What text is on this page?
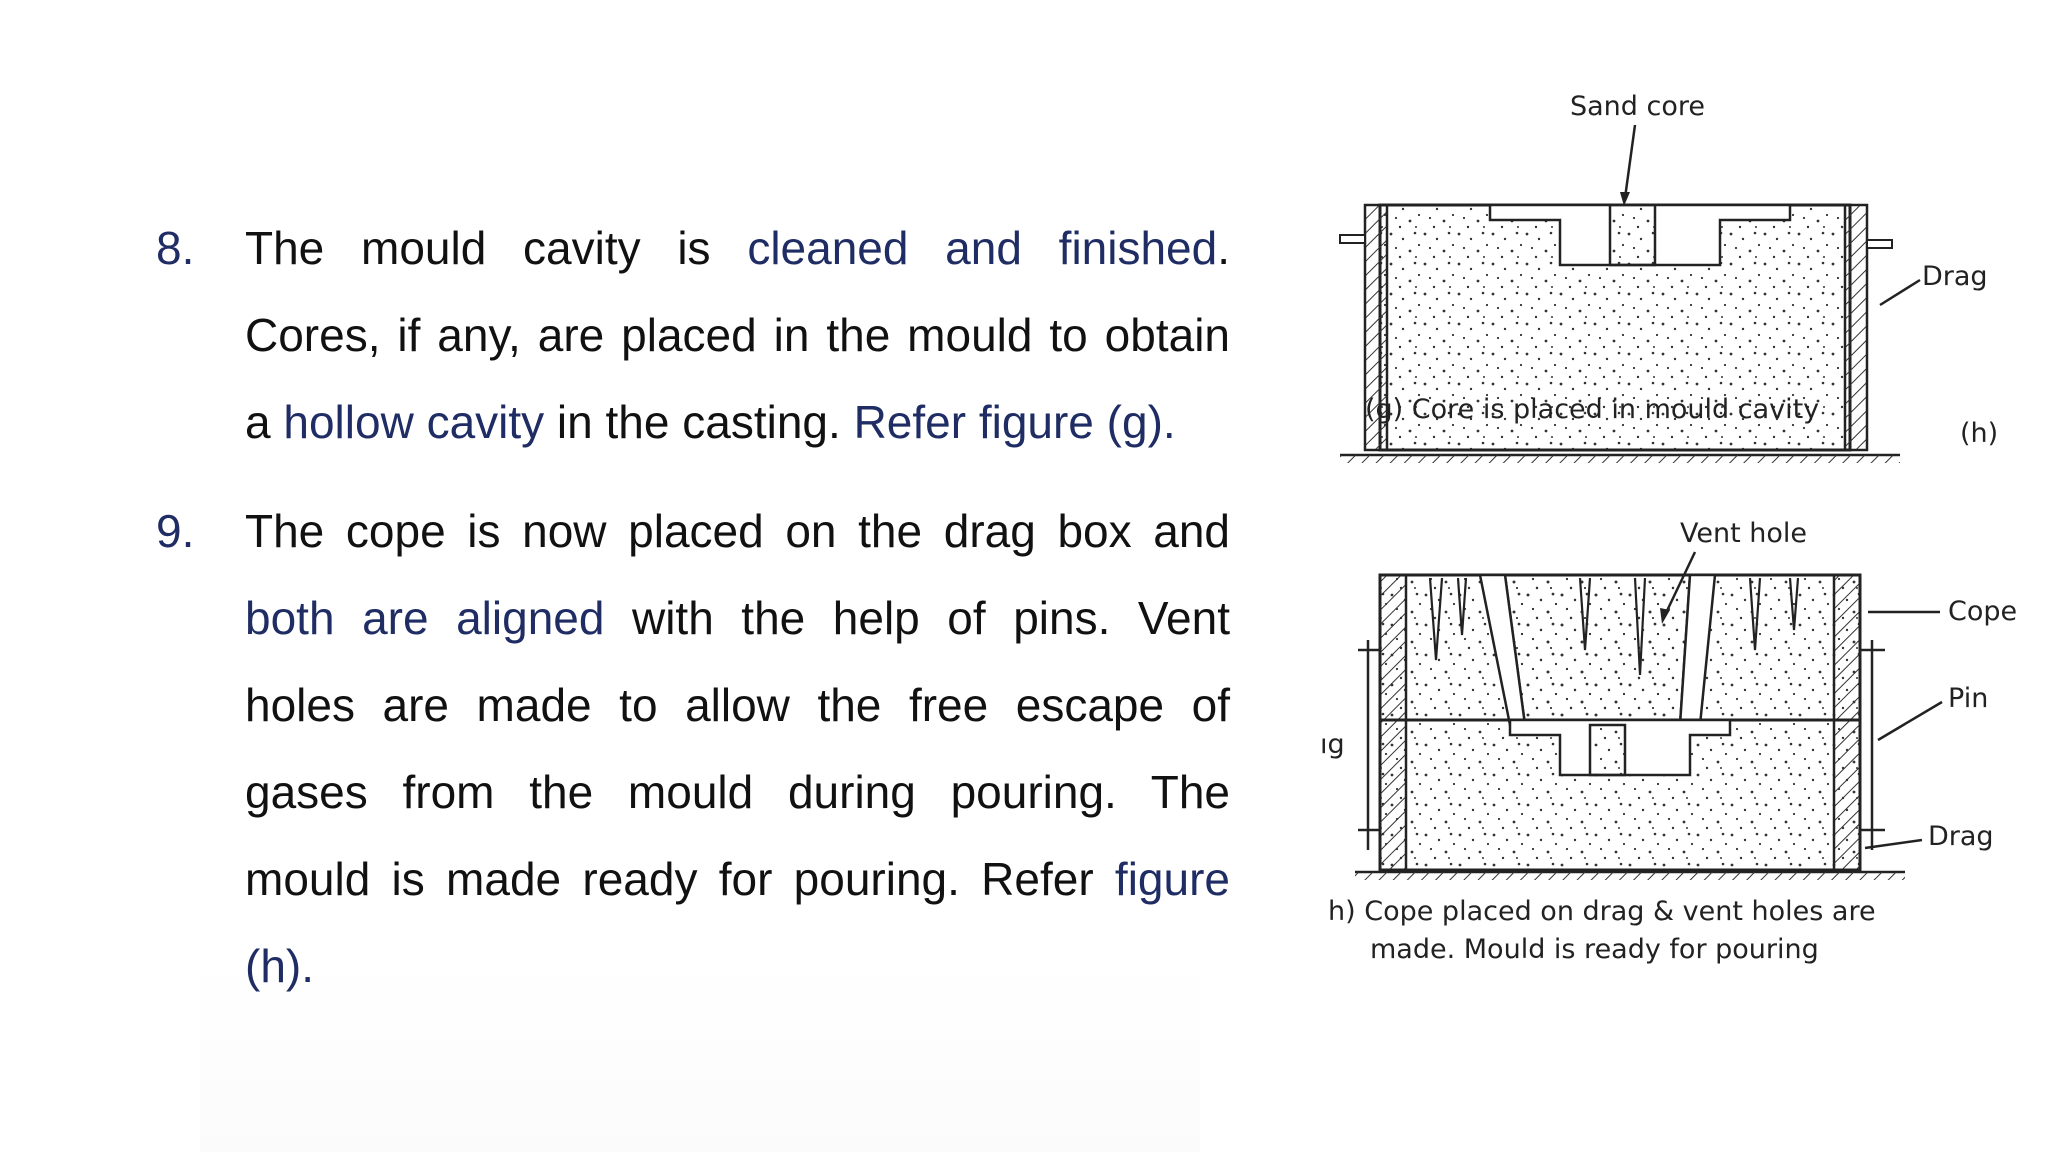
8. The mould cavity is cleaned and finished. Cores, if any, are placed in the mould to obtain a hollow cavity in the casting. Refer figure (g).

9. The cope is now placed on the drag box and both are aligned with the help of pins. Vent holes are made to allow the free escape of gases from the mould during pouring. The mould is made ready for pouring. Refer figure (h).

Sand core
Drag
(g) Core is placed in mould cavity
(h)
Vent hole
Cope
Pin
Drag
ıg
h) Cope placed on drag & vent holes are
made. Mould is ready for pouring
